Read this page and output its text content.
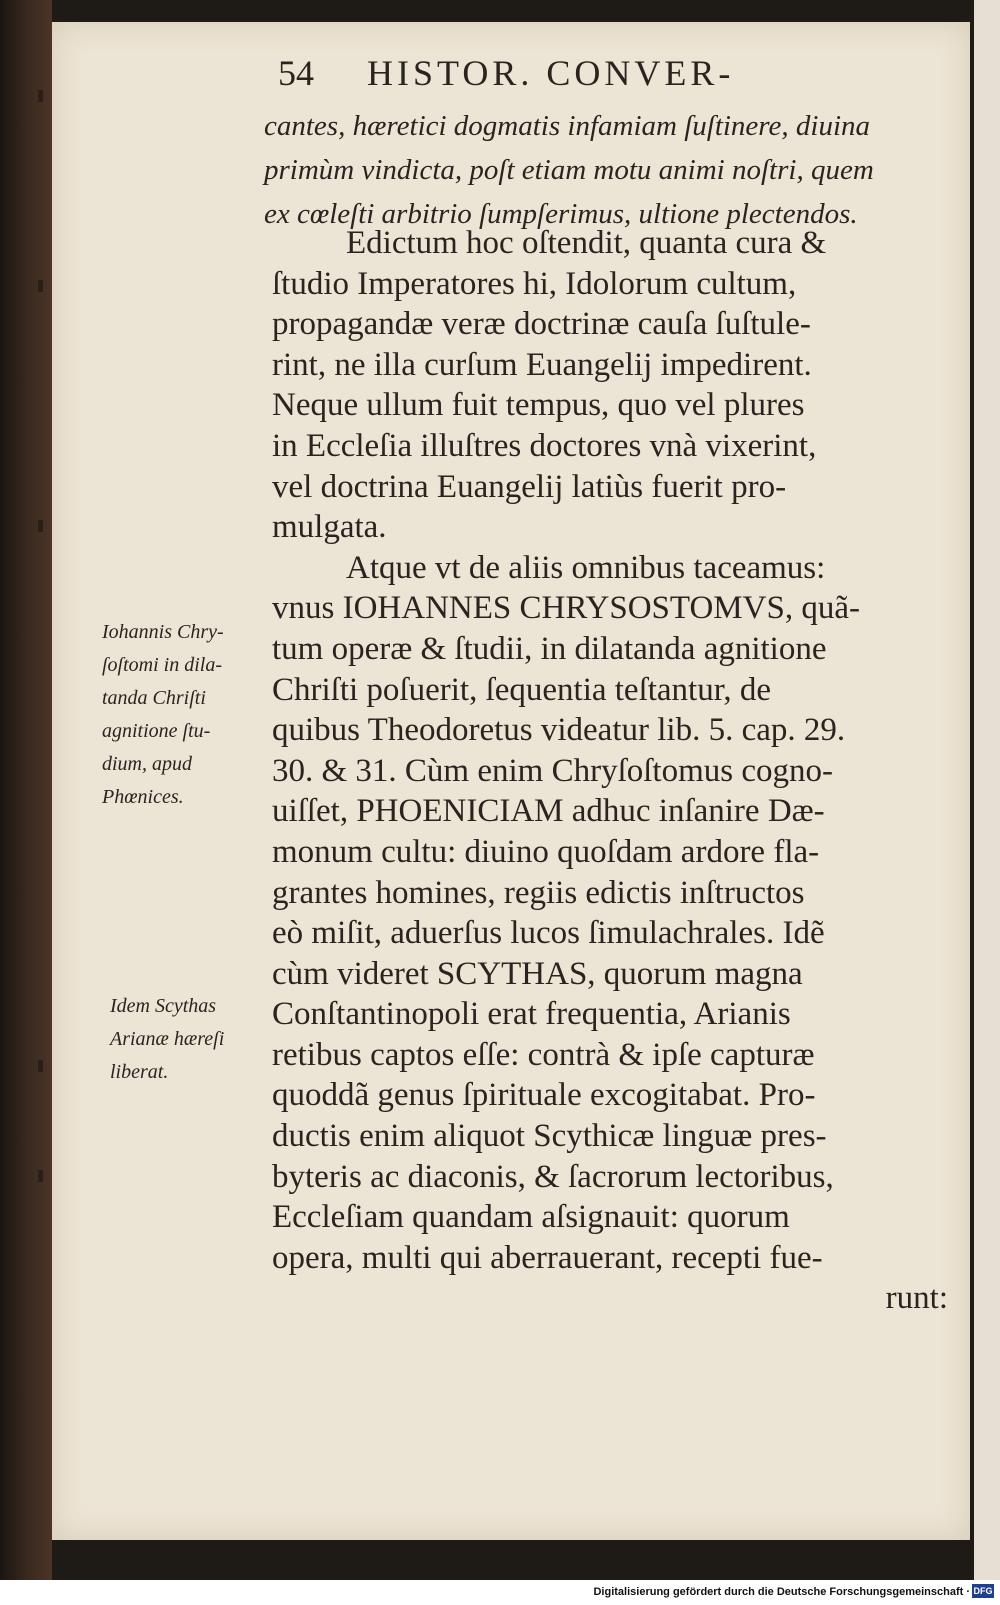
54 HISTOR. CONVER-
cantes, hæretici dogmatis infamiam ſuſtinere, diuina
primùm vindicta, poſt etiam motu animi noſtri, quem
ex cœleſti arbitrio ſumpſerimus, ultione plectendos.
Edictum hoc oſtendit, quanta cura &
ſtudio Imperatores hi, Idolorum cultum,
propagandæ veræ doctrinæ cauſa ſuſtule-
rint, ne illa curſum Euangelij impedirent.
Neque ullum fuit tempus, quo vel plures
in Eccleſia illuſtres doctores vnà vixerint,
vel doctrina Euangelij latiùs fuerit pro-
mulgata.
Atque vt de aliis omnibus taceamus:
vnus IOHANNES CHRYSOSTOMVS, quã-
tum operæ & ſtudii, in dilatanda agnitione
Chriſti poſuerit, ſequentia teſtantur, de
quibus Theodoretus videatur lib. 5. cap. 29.
30. & 31. Cùm enim Chryſoſtomus cogno-
uiſſet, PHOENICIAM adhuc inſanire Dæ-
monum cultu: diuino quoſdam ardore fla-
grantes homines, regiis edictis inſtructos
eò miſit, aduerſus lucos ſimulachrales. Idẽ
cùm videret SCYTHAS, quorum magna
Conſtantinopoli erat frequentia, Arianis
retibus captos eſſe: contrà & ipſe capturæ
quoddã genus ſpirituale excogitabat. Pro-
ductis enim aliquot Scythicæ linguæ pres-
byteris ac diaconis, & ſacrorum lectoribus,
Eccleſiam quandam aſsignauit: quorum
opera, multi qui aberrauerant, recepti fue-
runt:
Iohannis Chry-
ſoſtomi in dila-
tanda Chriſti
agnitione ſtu-
dium, apud
Phœnices.
Idem Scythas
Arianæ hæreſi
liberat.
Digitalisierung gefördert durch die Deutsche Forschungsgemeinschaft · DFG
